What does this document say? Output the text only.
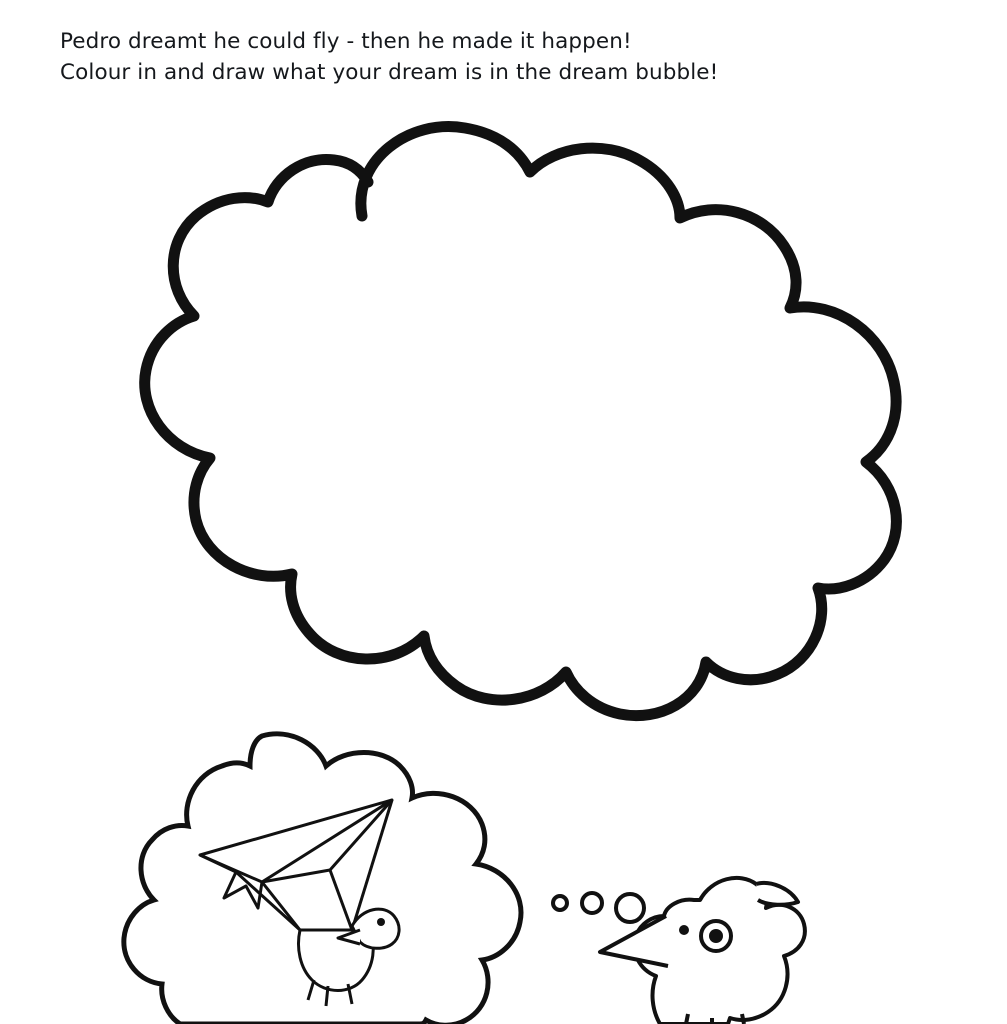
Pedro dreamt he could fly - then he made it happen!
Colour in and draw what your dream is in the dream bubble!
